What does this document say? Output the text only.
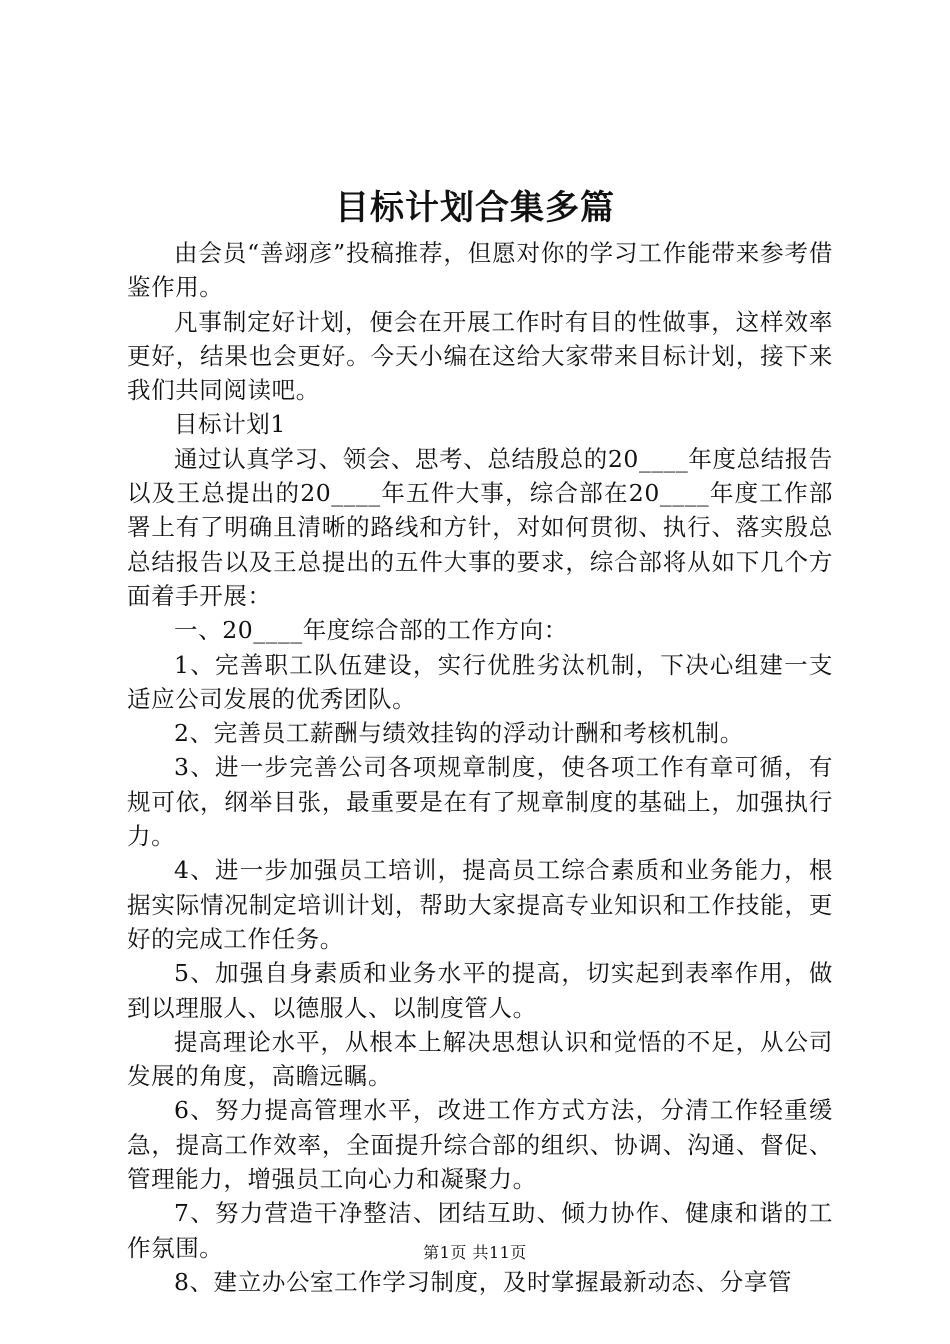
目标计划合集多篇

由会员“善翊彦”投稿推荐，但愿对你的学习工作能带来参考借鉴作用。

凡事制定好计划，便会在开展工作时有目的性做事，这样效率更好，结果也会更好。今天小编在这给大家带来目标计划，接下来我们共同阅读吧。

目标计划1

通过认真学习、领会、思考、总结殷总的20____年度总结报告以及王总提出的20____年五件大事，综合部在20____年度工作部署上有了明确且清晰的路线和方针，对如何贯彻、执行、落实殷总总结报告以及王总提出的五件大事的要求，综合部将从如下几个方面着手开展：

一、20____年度综合部的工作方向：

1、完善职工队伍建设，实行优胜劣汰机制，下决心组建一支适应公司发展的优秀团队。

2、完善员工薪酬与绩效挂钩的浮动计酬和考核机制。

3、进一步完善公司各项规章制度，使各项工作有章可循，有规可依，纲举目张，最重要是在有了规章制度的基础上，加强执行力。

4、进一步加强员工培训，提高员工综合素质和业务能力，根据实际情况制定培训计划，帮助大家提高专业知识和工作技能，更好的完成工作任务。

5、加强自身素质和业务水平的提高，切实起到表率作用，做到以理服人、以德服人、以制度管人。

提高理论水平，从根本上解决思想认识和觉悟的不足，从公司发展的角度，高瞻远瞩。

6、努力提高管理水平，改进工作方式方法，分清工作轻重缓急，提高工作效率，全面提升综合部的组织、协调、沟通、督促、管理能力，增强员工向心力和凝聚力。

7、努力营造干净整洁、团结互助、倾力协作、健康和谐的工作氛围。

8、建立办公室工作学习制度，及时掌握最新动态、分享管

第1页 共11页
